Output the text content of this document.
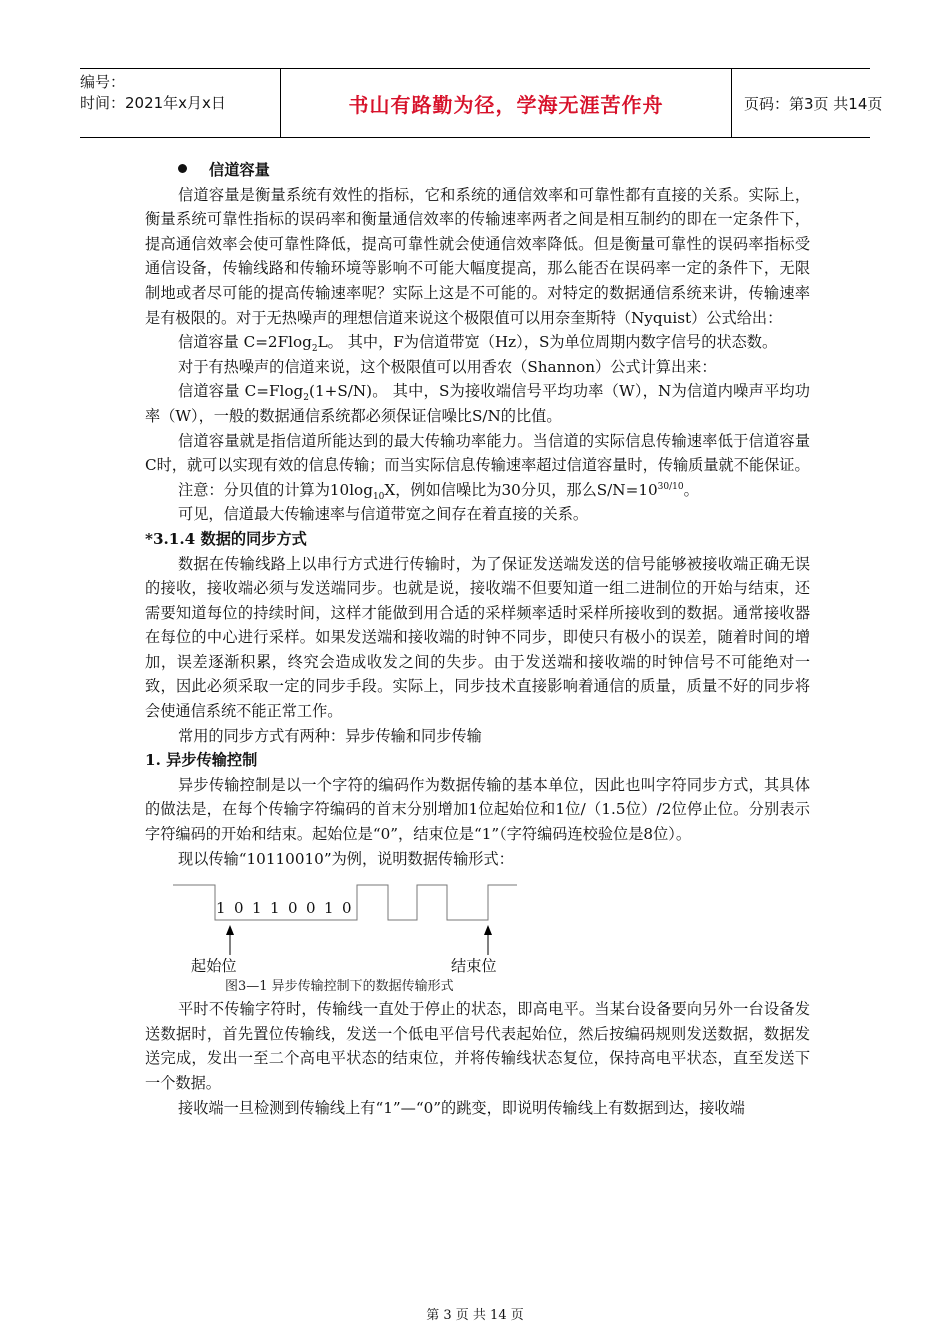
编号：
时间：2021年x月x日	书山有路勤为径，学海无涯苦作舟	页码：第3页 共14页
信道容量

信道容量是衡量系统有效性的指标，它和系统的通信效率和可靠性都有直接的关系。实际上，衡量系统可靠性指标的误码率和衡量通信效率的传输速率两者之间是相互制约的即在一定条件下，提高通信效率会使可靠性降低，提高可靠性就会使通信效率降低。但是衡量可靠性的误码率指标受通信设备，传输线路和传输环境等影响不可能大幅度提高，那么能否在误码率一定的条件下，无限制地或者尽可能的提高传输速率呢？实际上这是不可能的。对特定的数据通信系统来讲，传输速率是有极限的。对于无热噪声的理想信道来说这个极限值可以用奈奎斯特（Nyquist）公式给出：

信道容量 C=2Flog$_2$L。 其中，F为信道带宽（Hz），S为单位周期内数字信号的状态数。

对于有热噪声的信道来说，这个极限值可以用香农（Shannon）公式计算出来：

信道容量 C=Flog$_2$(1+S/N)。 其中，S为接收端信号平均功率（W），N为信道内噪声平均功率（W），一般的数据通信系统都必须保证信噪比S/N的比值。

信道容量就是指信道所能达到的最大传输功率能力。当信道的实际信息传输速率低于信道容量C时，就可以实现有效的信息传输；而当实际信息传输速率超过信道容量时，传输质量就不能保证。

注意：分贝值的计算为$10\log_{10}X$，例如信噪比为30分贝，那么$S/N=10^{30/10}$。

可见，信道最大传输速率与信道带宽之间存在着直接的关系。

*3.1.4 数据的同步方式

数据在传输线路上以串行方式进行传输时，为了保证发送端发送的信号能够被接收端正确无误的接收，接收端必须与发送端同步。也就是说，接收端不但要知道一组二进制位的开始与结束，还需要知道每位的持续时间，这样才能做到用合适的采样频率适时采样所接收到的数据。通常接收器在每位的中心进行采样。如果发送端和接收端的时钟不同步，即使只有极小的误差，随着时间的增加，误差逐渐积累，终究会造成收发之间的失步。由于发送端和接收端的时钟信号不可能绝对一致，因此必须采取一定的同步手段。实际上，同步技术直接影响着通信的质量，质量不好的同步将会使通信系统不能正常工作。

常用的同步方式有两种：异步传输和同步传输

1. 异步传输控制

异步传输控制是以一个字符的编码作为数据传输的基本单位，因此也叫字符同步方式，其具体的做法是，在每个传输字符编码的首末分别增加1位起始位和1位/（1.5位）/2位停止位。分别表示字符编码的开始和结束。起始位是“0”，结束位是“1”（字符编码连校验位是8位）。

现以传输“10110010”为例，说明数据传输形式：

1 0 1 1 0 0 1 0
起始位	结束位

图3—1 异步传输控制下的数据传输形式

平时不传输字符时，传输线一直处于停止的状态，即高电平。当某台设备要向另外一台设备发送数据时，首先置位传输线，发送一个低电平信号代表起始位，然后按编码规则发送数据，数据发送完成，发出一至二个高电平状态的结束位，并将传输线状态复位，保持高电平状态，直至发送下一个数据。

接收端一旦检测到传输线上有“1”—“0”的跳变，即说明传输线上有数据到达，接收端

第 3 页 共 14 页
